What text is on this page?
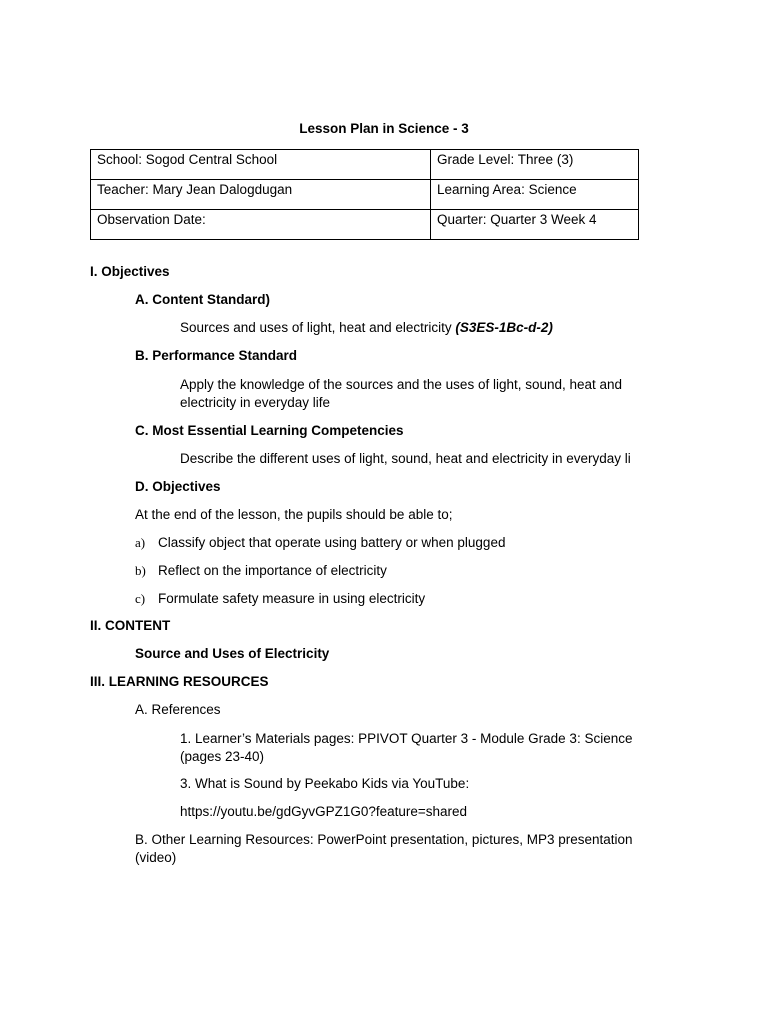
Lesson Plan in Science - 3
School: Sogod Central School	Grade Level: Three (3)
Teacher: Mary Jean Dalogdugan	Learning Area: Science
Observation Date:	Quarter: Quarter 3 Week 4
I. Objectives
A. Content Standard)
Sources and uses of light, heat and electricity (S3ES-1Bc-d-2)
B. Performance Standard
Apply the knowledge of the sources and the uses of light, sound, heat and electricity in everyday life
C. Most Essential Learning Competencies
Describe the different uses of light, sound, heat and electricity in everyday li
D. Objectives
At the end of the lesson, the pupils should be able to;
a) Classify object that operate using battery or when plugged
b) Reflect on the importance of electricity
c) Formulate safety measure in using electricity
II. CONTENT
Source and Uses of Electricity
III. LEARNING RESOURCES
A. References
1. Learner’s Materials pages: PPIVOT Quarter 3 - Module Grade 3: Science (pages 23-40)
3. What is Sound by Peekabo Kids via YouTube:
https://youtu.be/gdGyvGPZ1G0?feature=shared
B. Other Learning Resources: PowerPoint presentation, pictures, MP3 presentation (video)
